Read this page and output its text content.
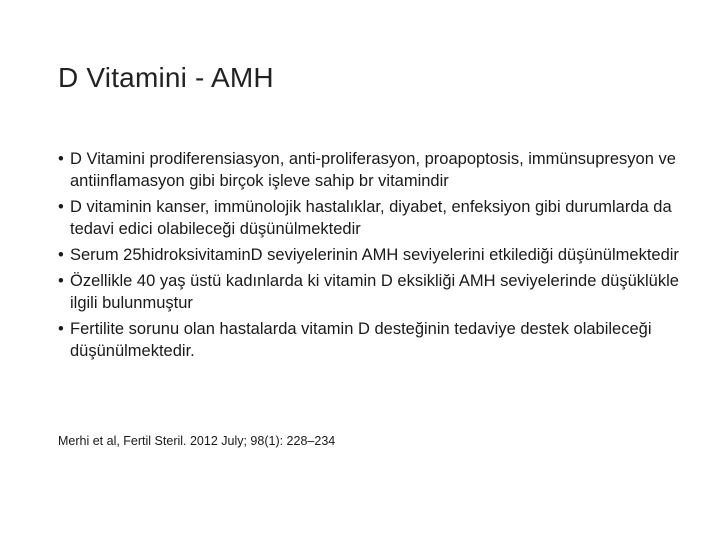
D Vitamini - AMH
• D Vitamini prodiferensiasyon, anti-proliferasyon, proapoptosis, immünsupresyon ve antiinflamasyon gibi birçok işleve sahip br vitamindir
• D vitaminin kanser, immünolojik hastalıklar, diyabet, enfeksiyon gibi durumlarda da tedavi edici olabileceği düşünülmektedir
• Serum 25hidroksivitaminD seviyelerinin AMH seviyelerini etkilediği düşünülmektedir
• Özellikle 40 yaş üstü kadınlarda ki vitamin D eksikliği AMH seviyelerinde düşüklükle ilgili bulunmuştur
• Fertilite sorunu olan hastalarda vitamin D desteğinin tedaviye destek olabileceği düşünülmektedir.

Merhi et al, Fertil Steril. 2012 July; 98(1): 228–234
